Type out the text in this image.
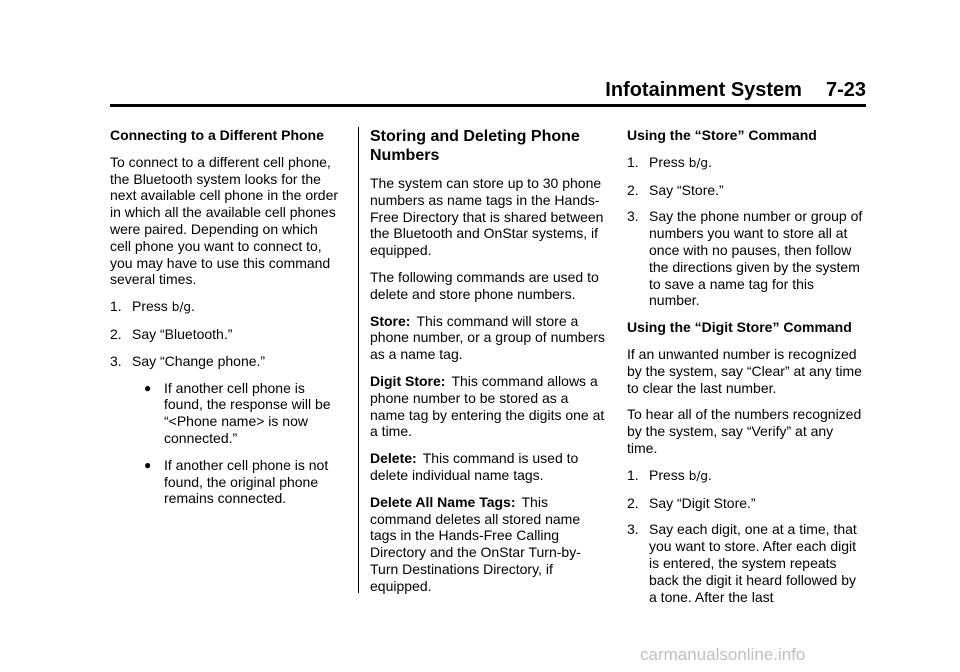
Infotainment System 7-23

Connecting to a Different Phone

To connect to a different cell phone, the Bluetooth system looks for the next available cell phone in the order in which all the available cell phones were paired. Depending on which cell phone you want to connect to, you may have to use this command several times.

1. Press b/g.
2. Say “Bluetooth.”
3. Say “Change phone.”
● If another cell phone is found, the response will be “<Phone name> is now connected.”
● If another cell phone is not found, the original phone remains connected.

Storing and Deleting Phone Numbers

The system can store up to 30 phone numbers as name tags in the Hands-Free Directory that is shared between the Bluetooth and OnStar systems, if equipped.

The following commands are used to delete and store phone numbers.

Store: This command will store a phone number, or a group of numbers as a name tag.

Digit Store: This command allows a phone number to be stored as a name tag by entering the digits one at a time.

Delete: This command is used to delete individual name tags.

Delete All Name Tags: This command deletes all stored name tags in the Hands-Free Calling Directory and the OnStar Turn-by-Turn Destinations Directory, if equipped.

Using the “Store” Command

1. Press b/g.
2. Say “Store.”
3. Say the phone number or group of numbers you want to store all at once with no pauses, then follow the directions given by the system to save a name tag for this number.

Using the “Digit Store” Command

If an unwanted number is recognized by the system, say “Clear” at any time to clear the last number.

To hear all of the numbers recognized by the system, say “Verify” at any time.

1. Press b/g.
2. Say “Digit Store.”
3. Say each digit, one at a time, that you want to store. After each digit is entered, the system repeats back the digit it heard followed by a tone. After the last
carmanualsonline.info
